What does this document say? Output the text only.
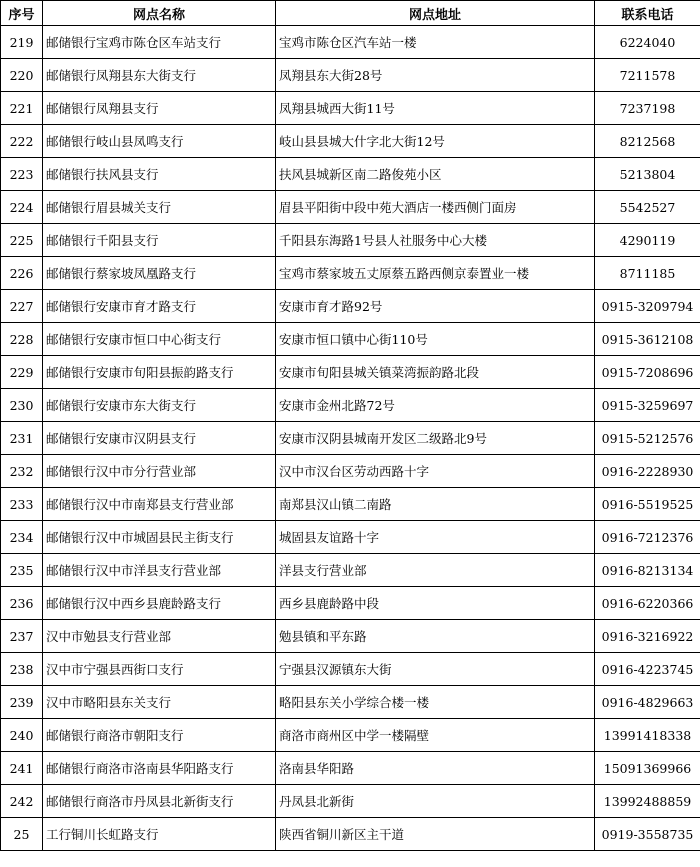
序号	网点名称	网点地址	联系电话
219	邮储银行宝鸡市陈仓区车站支行	宝鸡市陈仓区汽车站一楼	6224040
220	邮储银行凤翔县东大街支行	凤翔县东大街28号	7211578
221	邮储银行凤翔县支行	凤翔县城西大街11号	7237198
222	邮储银行岐山县凤鸣支行	岐山县县城大什字北大街12号	8212568
223	邮储银行扶风县支行	扶风县城新区南二路俊苑小区	5213804
224	邮储银行眉县城关支行	眉县平阳街中段中苑大酒店一楼西侧门面房	5542527
225	邮储银行千阳县支行	千阳县东海路1号县人社服务中心大楼	4290119
226	邮储银行蔡家坡凤凰路支行	宝鸡市蔡家坡五丈原蔡五路西侧京泰置业一楼	8711185
227	邮储银行安康市育才路支行	安康市育才路92号	0915-3209794
228	邮储银行安康市恒口中心街支行	安康市恒口镇中心街110号	0915-3612108
229	邮储银行安康市旬阳县振韵路支行	安康市旬阳县城关镇菜湾振韵路北段	0915-7208696
230	邮储银行安康市东大街支行	安康市金州北路72号	0915-3259697
231	邮储银行安康市汉阴县支行	安康市汉阴县城南开发区二级路北9号	0915-5212576
232	邮储银行汉中市分行营业部	汉中市汉台区劳动西路十字	0916-2228930
233	邮储银行汉中市南郑县支行营业部	南郑县汉山镇二南路	0916-5519525
234	邮储银行汉中市城固县民主街支行	城固县友谊路十字	0916-7212376
235	邮储银行汉中市洋县支行营业部	洋县支行营业部	0916-8213134
236	邮储银行汉中西乡县鹿龄路支行	西乡县鹿龄路中段	0916-6220366
237	汉中市勉县支行营业部	勉县镇和平东路	0916-3216922
238	汉中市宁强县西街口支行	宁强县汉源镇东大街	0916-4223745
239	汉中市略阳县东关支行	略阳县东关小学综合楼一楼	0916-4829663
240	邮储银行商洛市朝阳支行	商洛市商州区中学一楼隔壁	13991418338
241	邮储银行商洛市洛南县华阳路支行	洛南县华阳路	15091369966
242	邮储银行商洛市丹凤县北新街支行	丹凤县北新街	13992488859
25	工行铜川长虹路支行	陕西省铜川新区主干道	0919-3558735
